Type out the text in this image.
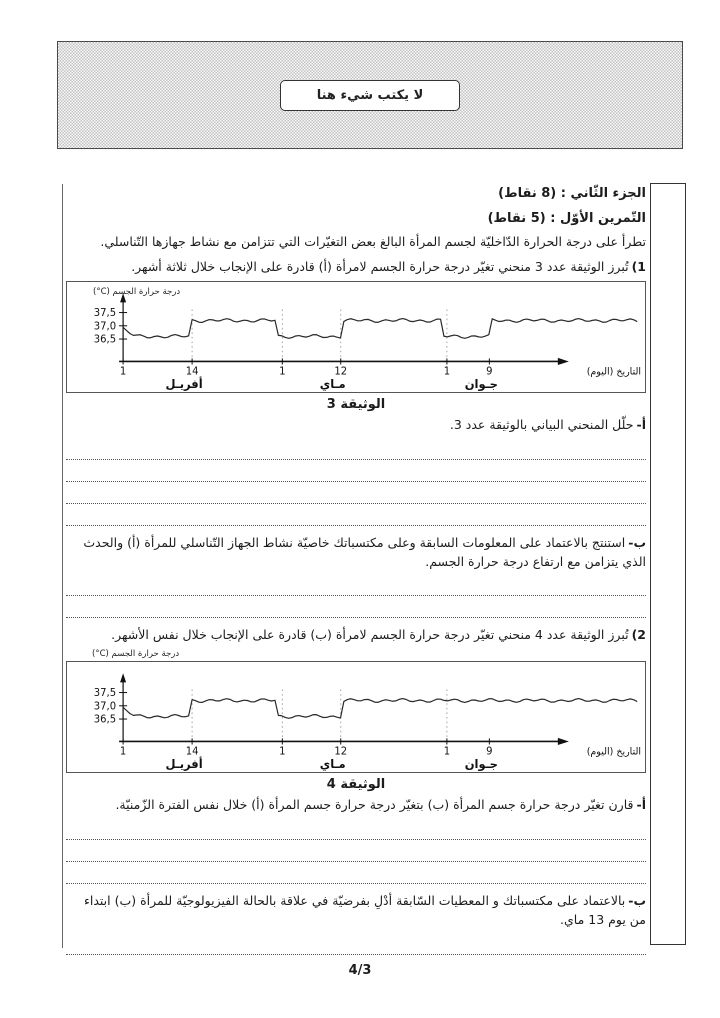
لا يكتب شيء هنا
الجزء الثّاني : (8 نقاط)
التّمرين الأوّل : (5 نقاط)
تطرأ على درجة الحرارة الدّاخليّة لجسم المرأة البالغ بعض التغيّرات التي تتزامن مع نشاط جهازها التّناسلي.
1)تُبرز الوثيقة عدد 3 منحني تغيّر درجة حرارة الجسم لامرأة (أ) قادرة على الإنجاب خلال ثلاثة أشهر.
37,5
37,0
36,5
1	14
أفريـل
1	12
مـاي
1	9
جـوان
التاريخ (اليوم)
درجة حرارة الجسم (C°)
الوثيقة 3
أ-حلّل المنحني البياني بالوثيقة عدد 3.
ب-استنتج بالاعتماد على المعلومات السابقة وعلى مكتسباتك خاصيّة نشاط الجهاز التّناسلي للمرأة (أ) والحدث الذي يتزامن مع ارتفاع درجة حرارة الجسم.
2)تُبرز الوثيقة عدد 4 منحني تغيّر درجة حرارة الجسم لامرأة (ب) قادرة على الإنجاب خلال نفس الأشهر.
درجة حرارة الجسم (C°)
37,5
37,0
36,5
1	14
أفريـل
1	12
مـاي
1	9
جـوان
التاريخ (اليوم)
الوثيقة 4
أ-قارن تغيّر درجة حرارة جسم المرأة (ب) بتغيّر درجة حرارة جسم المرأة (أ) خلال نفس الفترة الزّمنيّة.
ب-بالاعتماد على مكتسباتك و المعطيات السّابقة أدْلِ بفرضيّة في علاقة بالحالة الفيزيولوجيّة للمرأة (ب) ابتداء من يوم 13 ماي.
4/3
